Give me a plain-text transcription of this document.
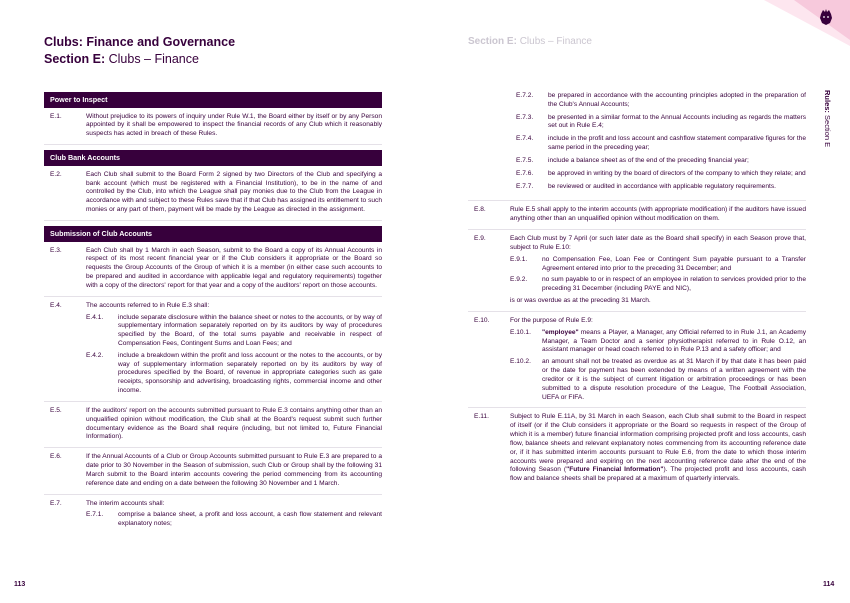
Clubs: Finance and Governance
Section E: Clubs – Finance
Section E: Clubs – Finance
Rules: Section E
Power to Inspect
E.1.	Without prejudice to its powers of inquiry under Rule W.1, the Board either by itself or by any Person appointed by it shall be empowered to inspect the financial records of any Club which it reasonably suspects has acted in breach of these Rules.
Club Bank Accounts
E.2.	Each Club shall submit to the Board Form 2 signed by two Directors of the Club and specifying a bank account (which must be registered with a Financial Institution), to be in the name of and controlled by the Club, into which the League shall pay monies due to the Club from the League in accordance with and subject to these Rules save that if that Club has assigned its entitlement to such monies or any part of them, payment will be made by the League as directed in the assignment.
Submission of Club Accounts
E.3.	Each Club shall by 1 March in each Season, submit to the Board a copy of its Annual Accounts in respect of its most recent financial year or if the Club considers it appropriate or the Board so requests the Group Accounts of the Group of which it is a member (in either case such accounts to be prepared and audited in accordance with applicable legal and regulatory requirements) together with a copy of the directors' report for that year and a copy of the auditors' report on those accounts.
E.4.	The accounts referred to in Rule E.3 shall:

E.4.1.	include separate disclosure within the balance sheet or notes to the accounts, or by way of supplementary information separately reported on by its auditors by way of procedures specified by the Board, of the total sums payable and receivable in respect of Compensation Fees, Contingent Sums and Loan Fees; and
E.4.2.	include a breakdown within the profit and loss account or the notes to the accounts, or by way of supplementary information separately reported on by its auditors by way of procedures specified by the Board, of revenue in appropriate categories such as gate receipts, sponsorship and advertising, broadcasting rights, commercial income and other income.
E.5.	If the auditors' report on the accounts submitted pursuant to Rule E.3 contains anything other than an unqualified opinion without modification, the Club shall at the Board's request submit such further documentary evidence as the Board shall require (including, but not limited to, Future Financial Information).
E.6.	If the Annual Accounts of a Club or Group Accounts submitted pursuant to Rule E.3 are prepared to a date prior to 30 November in the Season of submission, such Club or Group shall by the following 31 March submit to the Board interim accounts covering the period commencing from its accounting reference date and ending on a date between the following 30 November and 1 March.
E.7.	The interim accounts shall:

E.7.1.	comprise a balance sheet, a profit and loss account, a cash flow statement and relevant explanatory notes;
E.7.2.	be prepared in accordance with the accounting principles adopted in the preparation of the Club's Annual Accounts;
E.7.3.	be presented in a similar format to the Annual Accounts including as regards the matters set out in Rule E.4;
E.7.4.	include in the profit and loss account and cashflow statement comparative figures for the same period in the preceding year;
E.7.5.	include a balance sheet as of the end of the preceding financial year;
E.7.6.	be approved in writing by the board of directors of the company to which they relate; and
E.7.7.	be reviewed or audited in accordance with applicable regulatory requirements.
E.8.	Rule E.5 shall apply to the interim accounts (with appropriate modification) if the auditors have issued anything other than an unqualified opinion without modification on them.
E.9.	Each Club must by 7 April (or such later date as the Board shall specify) in each Season prove that, subject to Rule E.10:

E.9.1.	no Compensation Fee, Loan Fee or Contingent Sum payable pursuant to a Transfer Agreement entered into prior to the preceding 31 December; and
E.9.2.	no sum payable to or in respect of an employee in relation to services provided prior to the preceding 31 December (including PAYE and NIC),

is or was overdue as at the preceding 31 March.

E.10.	For the purpose of Rule E.9:

E.10.1.	"employee" means a Player, a Manager, any Official referred to in Rule J.1, an Academy Manager, a Team Doctor and a senior physiotherapist referred to in Rule O.12, an assistant manager or head coach referred to in Rule P.13 and a safety officer; and
E.10.2.	an amount shall not be treated as overdue as at 31 March if by that date it has been paid or the date for payment has been extended by means of a written agreement with the creditor or it is the subject of current litigation or arbitration proceedings or has been submitted to a dispute resolution procedure of the League, The Football Association, UEFA or FIFA.
E.11.	Subject to Rule E.11A, by 31 March in each Season, each Club shall submit to the Board in respect of itself (or if the Club considers it appropriate or the Board so requests in respect of the Group of which it is a member) future financial information comprising projected profit and loss accounts, cash flow, balance sheets and relevant explanatory notes commencing from its accounting reference date or, if it has submitted interim accounts pursuant to Rule E.6, from the date to which those interim accounts were prepared and expiring on the next accounting reference date after the end of the following Season ("Future Financial Information"). The projected profit and loss accounts, cash flow and balance sheets shall be prepared at a maximum of quarterly intervals.
113	114
